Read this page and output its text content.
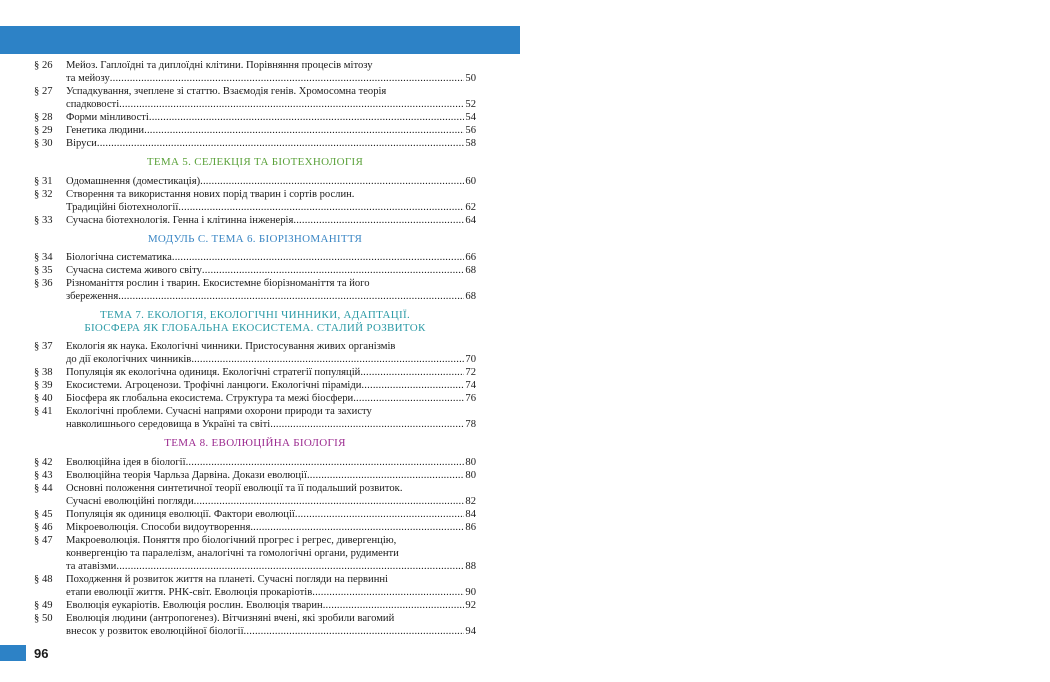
§ 26	Мейоз. Гаплоїдні та диплоїдні клітини. Порівняння процесів мітозу
та мейозу .....	50
§ 27	Успадкування, зчеплене зі статтю. Взаємодія генів. Хромосомна теорія
спадковості .....	52
§ 28	Форми мінливості .....	54
§ 29	Генетика людини .....	56
§ 30	Віруси .....	58
ТЕМА 5. СЕЛЕКЦІЯ ТА БІОТЕХНОЛОГІЯ
§ 31	Одомашнення (доместикація) .....	60
§ 32	Створення та використання нових порід тварин і сортів рослин.
Традиційні біотехнології .....	62
§ 33	Сучасна біотехнологія. Генна і клітинна інженерія .....	64
МОДУЛЬ С. ТЕМА 6. БІОРІЗНОМАНІТТЯ
§ 34	Біологічна систематика .....	66
§ 35	Сучасна система живого світу .....	68
§ 36	Різноманіття рослин і тварин. Екосистемне біорізноманіття та його
збереження .....	68
ТЕМА 7. ЕКОЛОГІЯ, ЕКОЛОГІЧНІ ЧИННИКИ, АДАПТАЦІЇ.
БІОСФЕРА ЯК ГЛОБАЛЬНА ЕКОСИСТЕМА. СТАЛИЙ РОЗВИТОК
§ 37	Екологія як наука. Екологічні чинники. Пристосування живих організмів
до дії екологічних чинників .....	70
§ 38	Популяція як екологічна одиниця. Екологічні стратегії популяцій .....	72
§ 39	Екосистеми. Агроценози. Трофічні ланцюги. Екологічні піраміди .....	74
§ 40	Біосфера як глобальна екосистема. Структура та межі біосфери .....	76
§ 41	Екологічні проблеми. Сучасні напрями охорони природи та захисту
навколишнього середовища в Україні та світі .....	78
ТЕМА 8. ЕВОЛЮЦІЙНА БІОЛОГІЯ
§ 42	Еволюційна ідея в біології .....	80
§ 43	Еволюційна теорія Чарльза Дарвіна. Докази еволюції .....	80
§ 44	Основні положення синтетичної теорії еволюції та її подальший розвиток.
Сучасні еволюційні погляди .....	82
§ 45	Популяція як одиниця еволюції. Фактори еволюції .....	84
§ 46	Мікроеволюція. Способи видоутворення .....	86
§ 47	Макроеволюція. Поняття про біологічний прогрес і регрес, дивергенцію,
конвергенцію та паралелізм, аналогічні та гомологічні органи, рудименти
та атавізми .....	88
§ 48	Походження й розвиток життя на планеті. Сучасні погляди на первинні
етапи еволюції життя. РНК-світ. Еволюція прокаріотів .....	90
§ 49	Еволюція еукаріотів. Еволюція рослин. Еволюція тварин .....	92
§ 50	Еволюція людини (антропогенез). Вітчизняні вчені, які зробили вагомий
внесок у розвиток еволюційної біології .....	94
96
